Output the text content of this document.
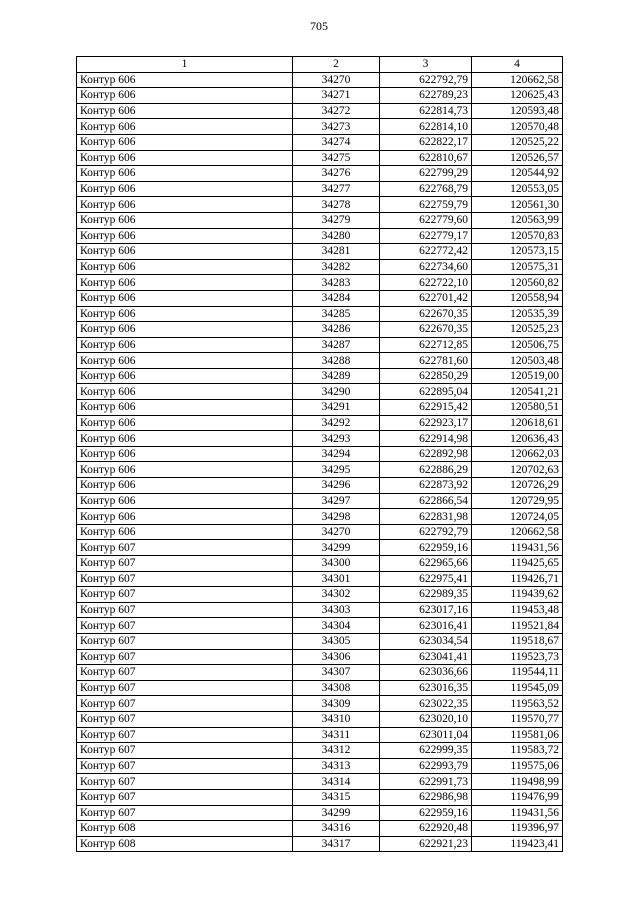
705
1	2	3	4
Контур 606	34270	622792,79	120662,58
Контур 606	34271	622789,23	120625,43
Контур 606	34272	622814,73	120593,48
Контур 606	34273	622814,10	120570,48
Контур 606	34274	622822,17	120525,22
Контур 606	34275	622810,67	120526,57
Контур 606	34276	622799,29	120544,92
Контур 606	34277	622768,79	120553,05
Контур 606	34278	622759,79	120561,30
Контур 606	34279	622779,60	120563,99
Контур 606	34280	622779,17	120570,83
Контур 606	34281	622772,42	120573,15
Контур 606	34282	622734,60	120575,31
Контур 606	34283	622722,10	120560,82
Контур 606	34284	622701,42	120558,94
Контур 606	34285	622670,35	120535,39
Контур 606	34286	622670,35	120525,23
Контур 606	34287	622712,85	120506,75
Контур 606	34288	622781,60	120503,48
Контур 606	34289	622850,29	120519,00
Контур 606	34290	622895,04	120541,21
Контур 606	34291	622915,42	120580,51
Контур 606	34292	622923,17	120618,61
Контур 606	34293	622914,98	120636,43
Контур 606	34294	622892,98	120662,03
Контур 606	34295	622886,29	120702,63
Контур 606	34296	622873,92	120726,29
Контур 606	34297	622866,54	120729,95
Контур 606	34298	622831,98	120724,05
Контур 606	34270	622792,79	120662,58
Контур 607	34299	622959,16	119431,56
Контур 607	34300	622965,66	119425,65
Контур 607	34301	622975,41	119426,71
Контур 607	34302	622989,35	119439,62
Контур 607	34303	623017,16	119453,48
Контур 607	34304	623016,41	119521,84
Контур 607	34305	623034,54	119518,67
Контур 607	34306	623041,41	119523,73
Контур 607	34307	623036,66	119544,11
Контур 607	34308	623016,35	119545,09
Контур 607	34309	623022,35	119563,52
Контур 607	34310	623020,10	119570,77
Контур 607	34311	623011,04	119581,06
Контур 607	34312	622999,35	119583,72
Контур 607	34313	622993,79	119575,06
Контур 607	34314	622991,73	119498,99
Контур 607	34315	622986,98	119476,99
Контур 607	34299	622959,16	119431,56
Контур 608	34316	622920,48	119396,97
Контур 608	34317	622921,23	119423,41
